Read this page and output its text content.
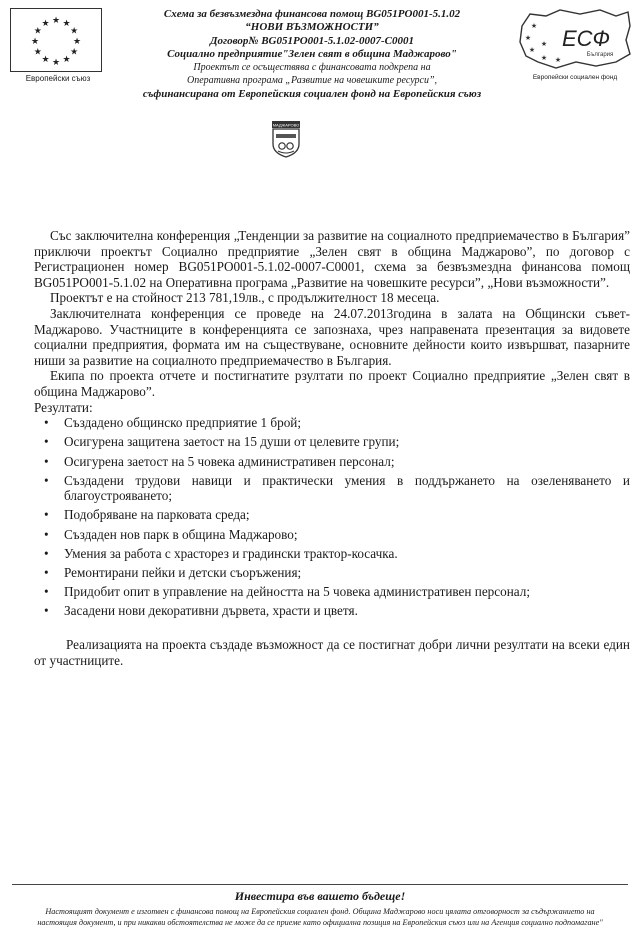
★ ★
★
★
★
★
★
★
★
★
★
★
Европейски съюз
Схема за безвъзмездна финансова помощ BG051PO001-5.1.02
“НОВИ ВЪЗМОЖНОСТИ”
Договор№ BG051PO001-5.1.02-0007-C0001
Социално предприятие"Зелен свят в община Маджарово"
Проектът се осъществява с финансовата подкрепа на
Оперативна програма „Развитие на човешките ресурси”,
съфинансирана от Европейския социален фонд на Европейския съюз
★
★
★
★ ★
★ ЕСФ
България
Европейски социален фонд
МАДЖАРОВО

Със заключителна конференция „Тенденции за развитие на социалното предприемачество в България” приключи проектът Социално предприятие „Зелен свят в община Маджарово”, по договор с Регистрационен номер BG051PO001-5.1.02-0007-C0001, схема за безвъзмездна финансова помощ BG051PO001-5.1.02 на Оперативна програма „Развитие на човешките ресурси”, „Нови възможности”.

Проектът е на стойност 213 781,19лв., с продължителност 18 месеца.

Заключителната конференция се проведе на 24.07.2013година в залата на Общински съвет-Маджарово. Участниците в конференцията се запознаха, чрез направената презентация за видовете социални предприятия, формата им на съществуване, основните дейности които извършват, пазарните ниши за развитие на социалното предприемачество в България.

Екипа по проекта отчете и постигнатите рзултати по проект Социално предприятие „Зелен свят в община Маджарово”.

Резултати:

• Създадено общинско предприятие 1 брой;
• Осигурена защитена заетост на 15 души от целевите групи;
• Осигурена заетост на 5 човека административен персонал;
• Създадени трудови навици и практически умения в поддържането на озеленяването и благоустрояването;
• Подобряване на парковата среда;
• Създаден нов парк в община Маджарово;
• Умения за работа с храсторез и градински трактор-косачка.
• Ремонтирани пейки и детски съоръжения;
• Придобит опит в управление на дейността на 5 човека административен персонал;
• Засадени нови декоративни дървета, храсти и цветя.

Реализацията на проекта създаде възможност да се постигнат добри лични резултати на всеки един от участниците.

Инвестира във вашето бъдеще!
Настоящият документ е изготвен с финансова помощ на Европейския социален фонд. Община Маджарово носи цялата отговорност за съдържанието на настоящия документ, и при никакви обстоятелства не може да се приеме като официална позиция на Европейския съюз или на Агенция социално подпомагане"
